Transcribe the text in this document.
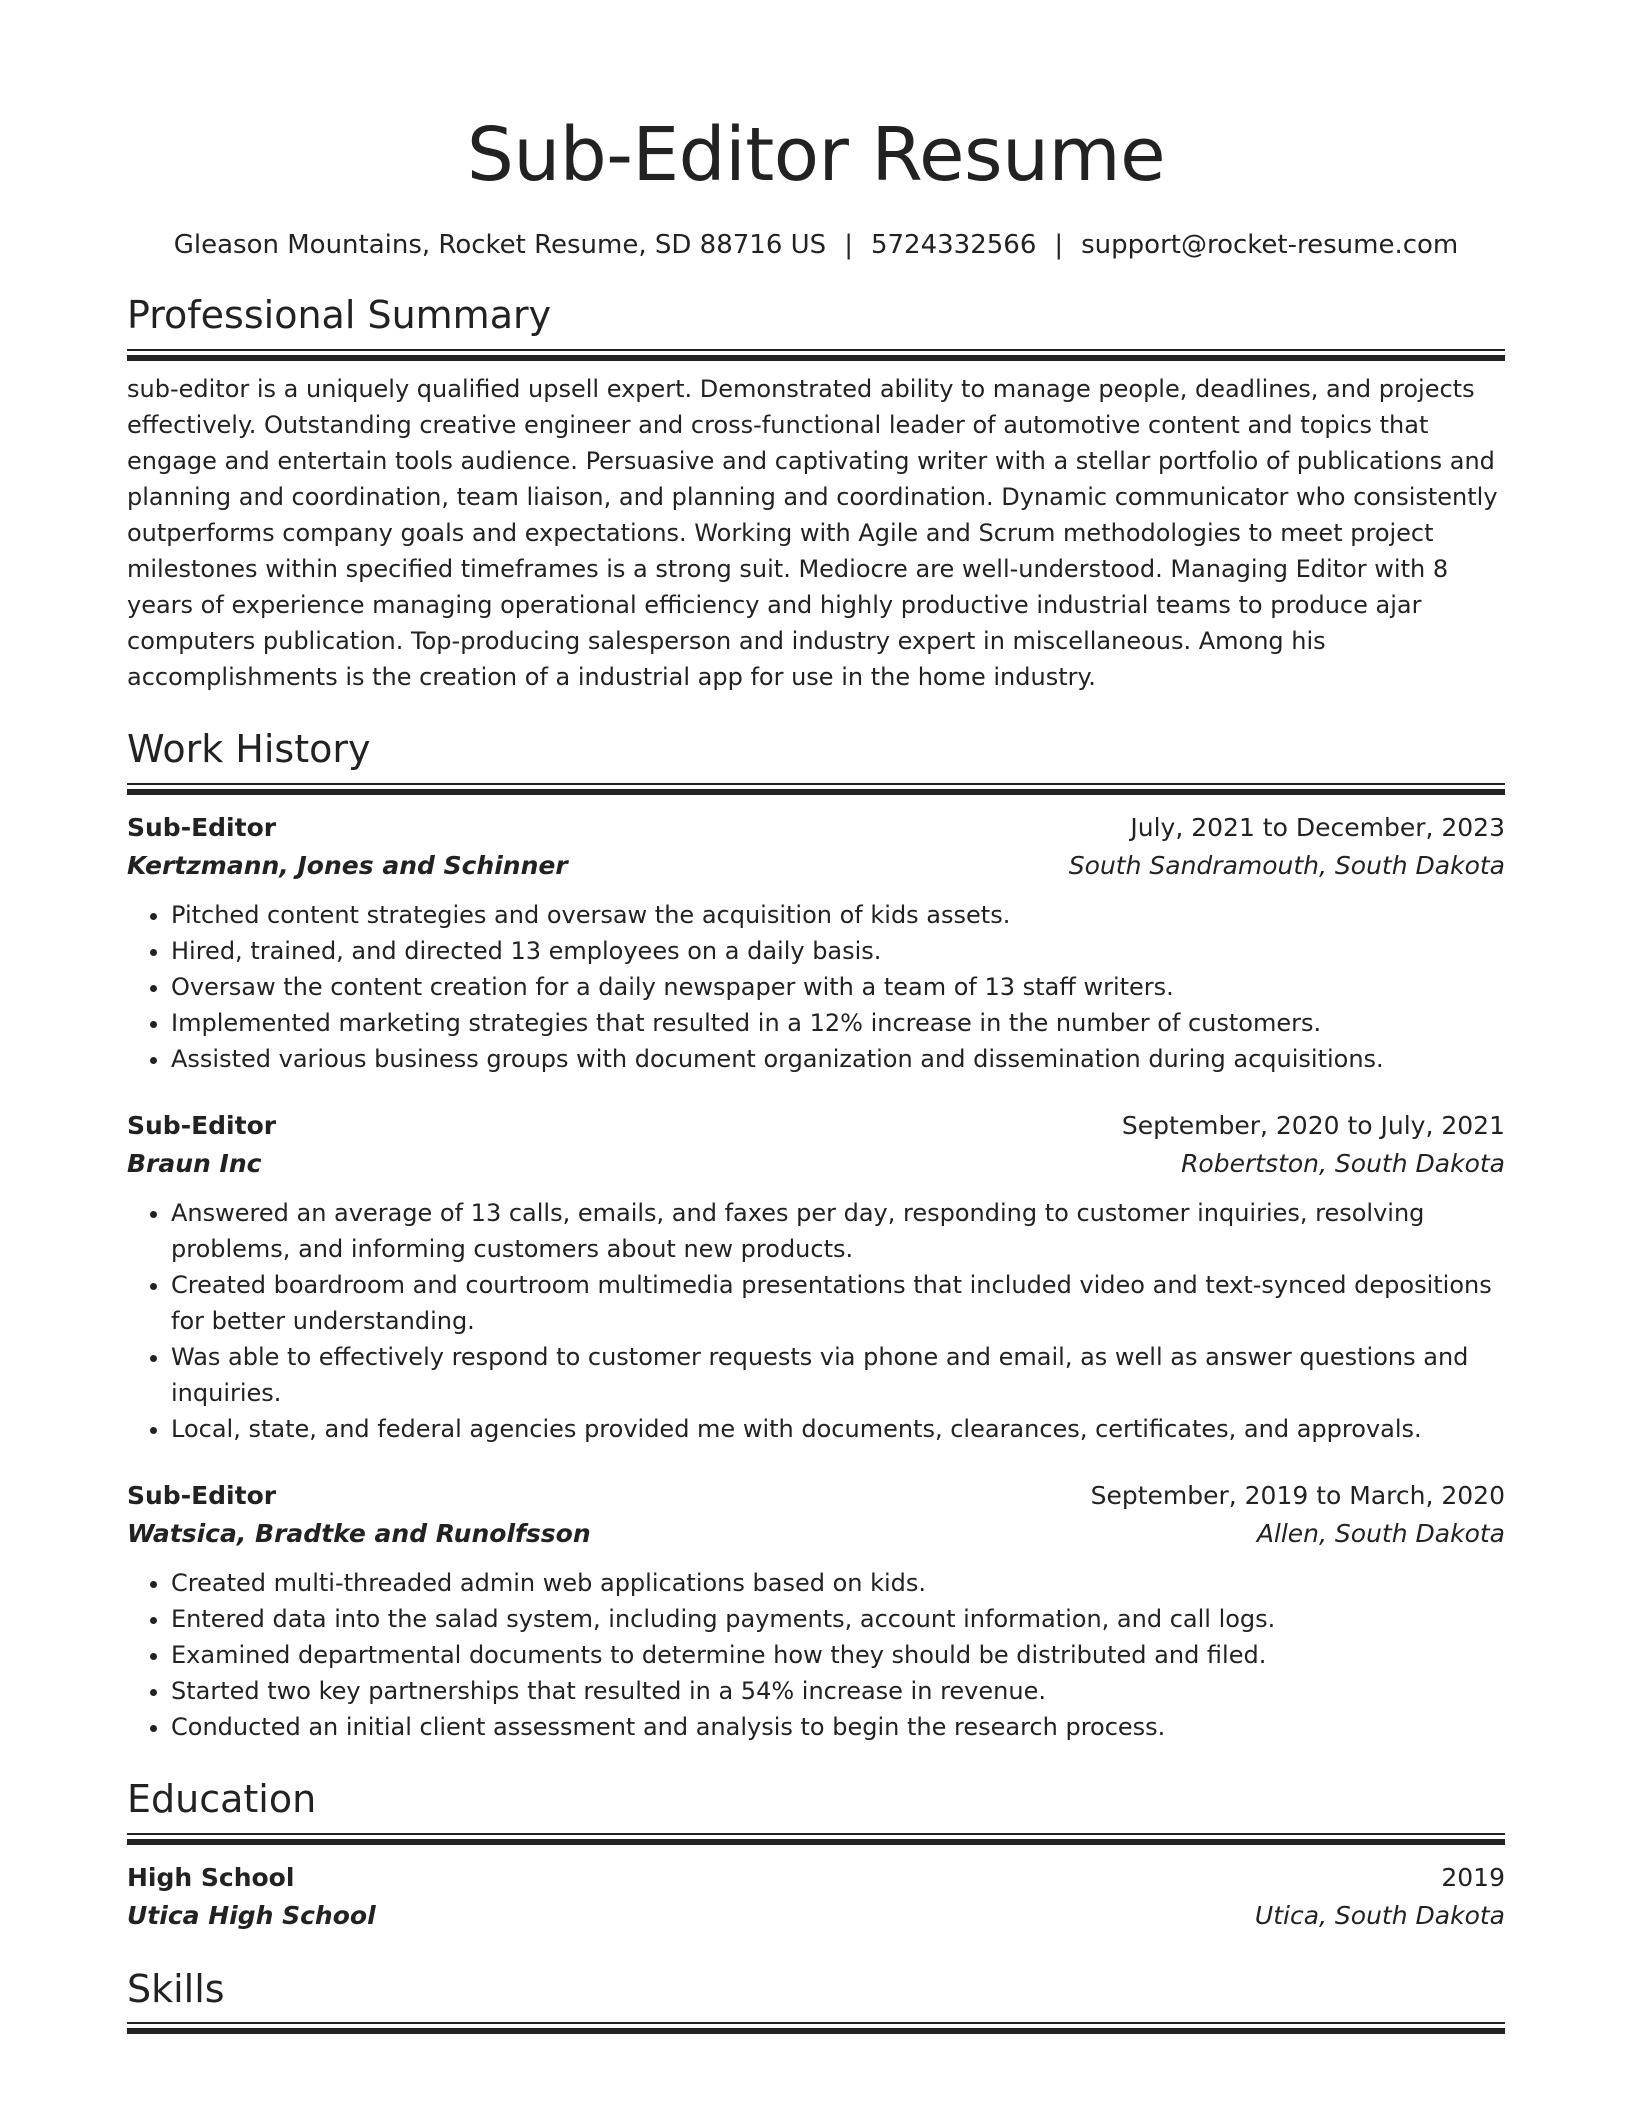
Sub-Editor Resume
Gleason Mountains, Rocket Resume, SD 88716 US | 5724332566 | support@rocket-resume.com
Professional Summary
sub-editor is a uniquely qualified upsell expert. Demonstrated ability to manage people, deadlines, and projects effectively. Outstanding creative engineer and cross-functional leader of automotive content and topics that engage and entertain tools audience. Persuasive and captivating writer with a stellar portfolio of publications and planning and coordination, team liaison, and planning and coordination. Dynamic communicator who consistently outperforms company goals and expectations. Working with Agile and Scrum methodologies to meet project milestones within specified timeframes is a strong suit. Mediocre are well-understood. Managing Editor with 8 years of experience managing operational efficiency and highly productive industrial teams to produce ajar computers publication. Top-producing salesperson and industry expert in miscellaneous. Among his accomplishments is the creation of a industrial app for use in the home industry.
Work History
Sub-Editor	July, 2021 to December, 2023
Kertzmann, Jones and Schinner	South Sandramouth, South Dakota
• Pitched content strategies and oversaw the acquisition of kids assets.
• Hired, trained, and directed 13 employees on a daily basis.
• Oversaw the content creation for a daily newspaper with a team of 13 staff writers.
• Implemented marketing strategies that resulted in a 12% increase in the number of customers.
• Assisted various business groups with document organization and dissemination during acquisitions.
Sub-Editor	September, 2020 to July, 2021
Braun Inc	Robertston, South Dakota
• Answered an average of 13 calls, emails, and faxes per day, responding to customer inquiries, resolving problems, and informing customers about new products.
• Created boardroom and courtroom multimedia presentations that included video and text-synced depositions for better understanding.
• Was able to effectively respond to customer requests via phone and email, as well as answer questions and inquiries.
• Local, state, and federal agencies provided me with documents, clearances, certificates, and approvals.
Sub-Editor	September, 2019 to March, 2020
Watsica, Bradtke and Runolfsson	Allen, South Dakota
• Created multi-threaded admin web applications based on kids.
• Entered data into the salad system, including payments, account information, and call logs.
• Examined departmental documents to determine how they should be distributed and filed.
• Started two key partnerships that resulted in a 54% increase in revenue.
• Conducted an initial client assessment and analysis to begin the research process.
Education
High School	2019
Utica High School	Utica, South Dakota
Skills
